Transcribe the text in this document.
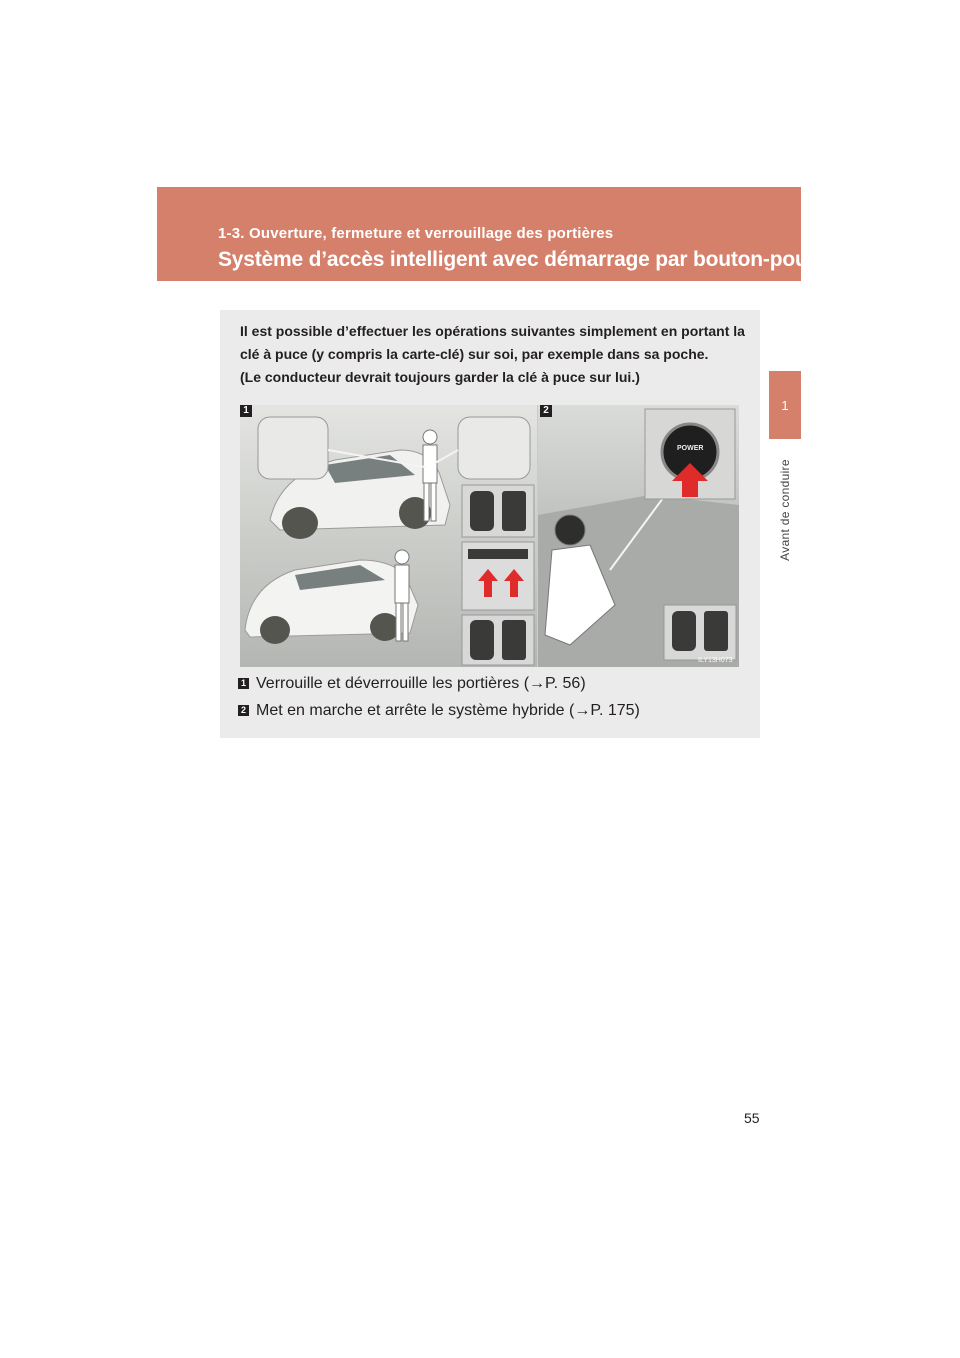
1-3. Ouverture, fermeture et verrouillage des portières
Système d’accès intelligent avec démarrage par bouton-poussoir
1
Avant de conduire

Il est possible d’effectuer les opérations suivantes simplement en portant la

clé à puce (y compris la carte-clé) sur soi, par exemple dans sa poche.

(Le conducteur devrait toujours garder la clé à puce sur lui.)

1	2
POWER
ILY13H073
1 Verrouille et déverrouille les portières (→P. 56)
2 Met en marche et arrête le système hybride (→P. 175)
55
